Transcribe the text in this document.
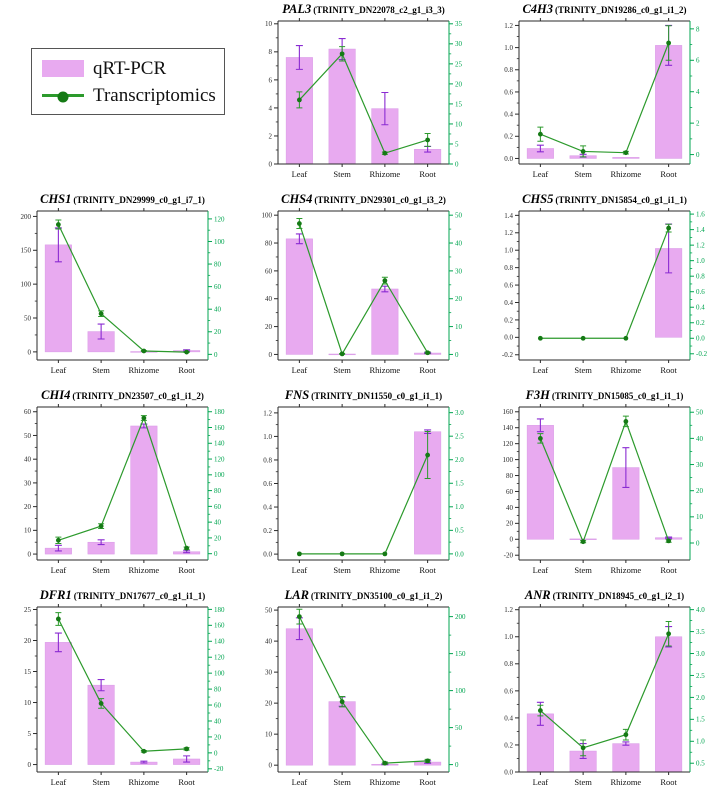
qRT-PCR
Transcriptomics
0
2
4
6
8
10
0
5
10
15
20
25
30
35
Leaf	Stem Rhizome Root
PAL3 (TRINITY_DN22078_c2_g1_i3_3)
0.0
0.2
0.4
0.6
0.8
1.0
1.2
0
2
4
6
8
Leaf	Stem Rhizome Root
C4H3 (TRINITY_DN19286_c0_g1_i1_2)
0
50
100
150
200
0
20
40
60
80
100
120
Leaf	Stem Rhizome Root
CHS1 (TRINITY_DN29999_c0_g1_i7_1)
0
20
40
60
80
100
0
10
20
30
40
50
Leaf	Stem Rhizome Root
CHS4 (TRINITY_DN29301_c0_g1_i3_2)
-0.2
0.0
0.2
0.4
0.6
0.8
1.0
1.2
1.4
-0.2
0.0
0.2
0.4
0.6
0.8
1.0
1.2
1.4
1.6
Leaf	Stem Rhizome Root
CHS5 (TRINITY_DN15854_c0_g1_i1_1)
0
10
20
30
40
50
60
0
20
40
60
80
100
120
140
160
180
Leaf	Stem Rhizome Root
CHI4 (TRINITY_DN23507_c0_g1_i1_2)
0.0
0.2
0.4
0.6
0.8
1.0
1.2
0.0
0.5
1.0
1.5
2.0
2.5
3.0
Leaf	Stem Rhizome Root
FNS (TRINITY_DN11550_c0_g1_i1_1)
-20
0
20
40
60
80
100
120
140
160
0
10
20
30
40
50
Leaf	Stem Rhizome Root
F3H (TRINITY_DN15085_c0_g1_i1_1)
0
5
10
15
20
25
-20
0
20
40
60
80
100
120
140
160
180
Leaf	Stem Rhizome Root
DFR1 (TRINITY_DN17677_c0_g1_i1_1)
0
10
20
30
40
50
0
50
100
150
200
Leaf	Stem Rhizome Root
LAR (TRINITY_DN35100_c0_g1_i1_2)
0.0
0.2
0.4
0.6
0.8
1.0
1.2
0.5
1.0
1.5
2.0
2.5
3.0
3.5
4.0
Leaf	Stem Rhizome Root
ANR (TRINITY_DN18945_c0_g1_i2_1)
